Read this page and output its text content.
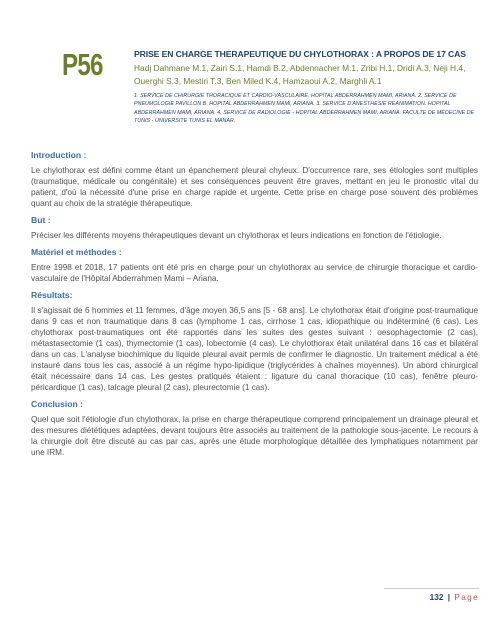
P56	PRISE EN CHARGE THERAPEUTIQUE DU CHYLOTHORAX : A PROPOS DE 17 CAS
Hadj Dahmane M.1, Zairi S.1, Hamdi B.2, Abdennacher M.1, Zribi H.1, Dridi A.3, Neji H.4, Ouerghi S.3, Mestiri T.3, Ben Miled K.4, Hamzaoui A.2, Marghli A.1
1. SERVICE DE CHIRURGIE THORACIQUE ET CARDIO-VASCULAIRE. HOPITAL ABDERRAHMEN MAMI, ARIANA. 2. SERVICE DE PNEUMOLOGIE PAVILLON B. HOPITAL ABDERRAHMEN MAMI, ARIANA. 3. SERVICE D'ANESTHESIE REANIMATION. HOPITAL ABDERRAHMEN MAMI, ARIANA. 4. SERVICE DE RADIOLOGIE - HOPITAL ABDERRAHMEN MAMI, ARIANA. FACULTE DE MEDECINE DE TUNIS - UNIVERSITE TUNIS EL MANAR.
Introduction :
Le chylothorax est défini comme étant un épanchement pleural chyleux. D'occurrence rare, ses étiologies sont multiples (traumatique, médicale ou congénitale) et ses conséquences peuvent être graves, mettant en jeu le pronostic vital du patient, d'où la nécessité d'une prise en charge rapide et urgente. Cette prise en charge pose souvent des problèmes quant au choix de la stratégie thérapeutique.
But :
Préciser les différents moyens thérapeutiques devant un chylothorax et leurs indications en fonction de l'étiologie.
Matériel et méthodes :
Entre 1998 et 2018, 17 patients ont été pris en charge pour un chylothorax au service de chirurgie thoracique et cardio-vasculaire de l'Hôpital Abderrahmen Mami – Ariana.
Résultats:
Il s'agissait de 6 hommes et 11 femmes, d'âge moyen 36,5 ans [5 - 68 ans]. Le chylothorax était d'origine post-traumatique dans 9 cas et non traumatique dans 8 cas (lymphome 1 cas, cirrhose 1 cas, idiopathique ou indéterminé (6 cas). Les chylothorax post-traumatiques ont été rapportés dans les suites des gestes suivant : oesophagectomie (2 cas), métastasectomie (1 cas), thymectomie (1 cas), lobectomie (4 cas). Le chylothorax était unilatéral dans 16 cas et bilatéral dans un cas. L'analyse biochimique du liquide pleural avait permis de confirmer le diagnostic. Un traitement médical a été instauré dans tous les cas, associé à un régime hypo-lipidique (triglycérides à chaînes moyennes). Un abord chirurgical était nécessaire dans 14 cas. Les gestes pratiqués étaient : ligature du canal thoracique (10 cas), fenêtre pleuro-péricardique (1 cas), talcage pleural (2 cas), pleurectomie (1 cas).
Conclusion :
Quel que soit l'étiologie d'un chylothorax, la prise en charge thérapeutique comprend principalement un drainage pleural et des mesures diététiques adaptées, devant toujours être associés au traitement de la pathologie sous-jacente. Le recours à la chirurgie doit être discuté au cas par cas, après une étude morphologique détaillée des lymphatiques notamment par une IRM.
132 | Page
